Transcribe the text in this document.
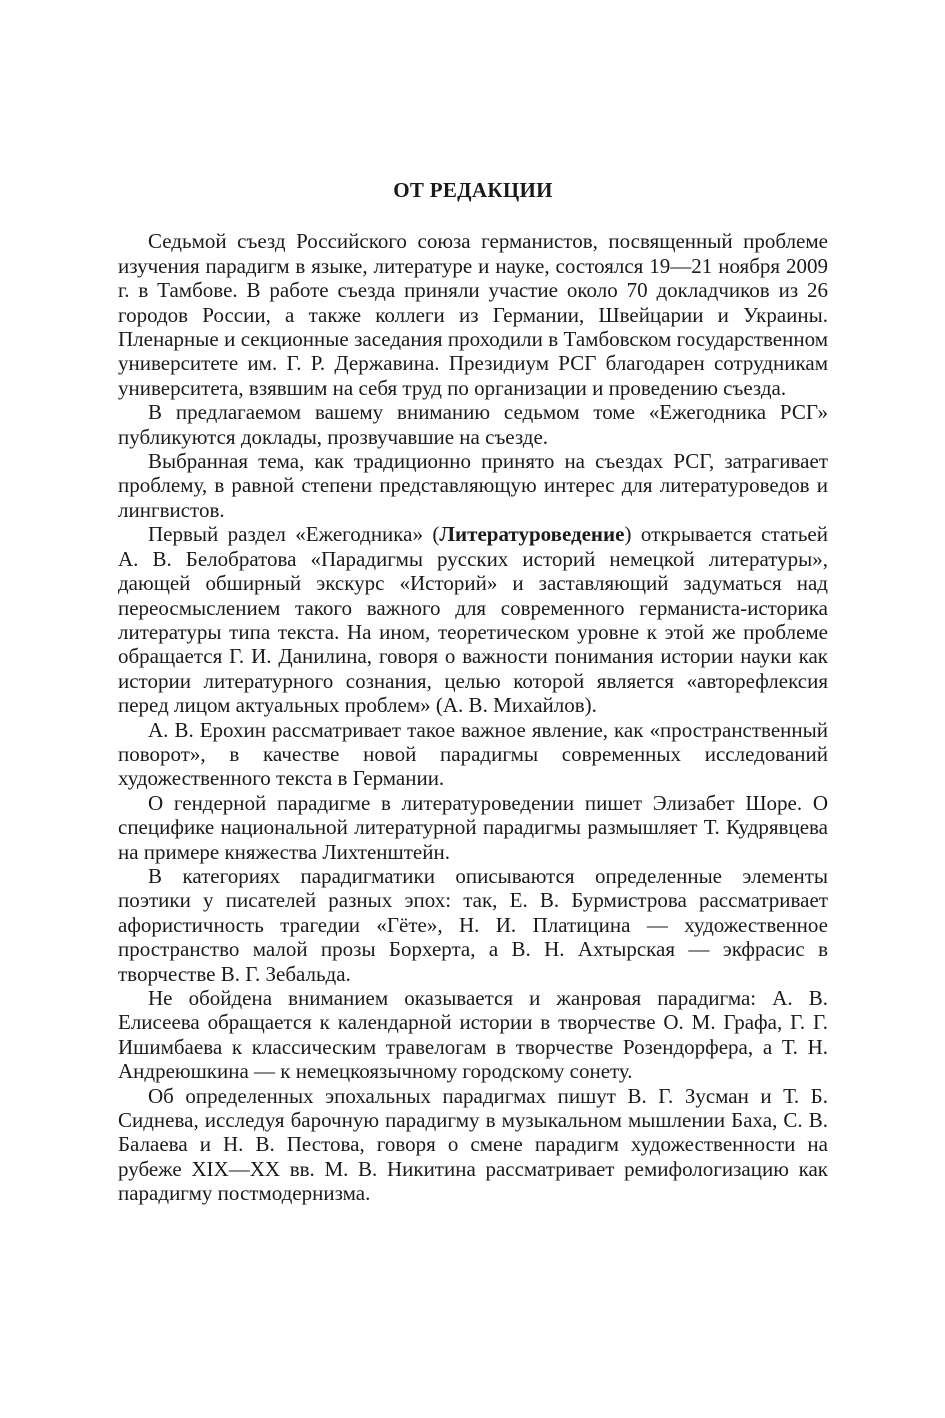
ОТ РЕДАКЦИИ

Седьмой съезд Российского союза германистов, посвященный проблеме изучения парадигм в языке, литературе и науке, состоялся 19—21 ноября 2009 г. в Тамбове. В работе съезда приняли участие около 70 докладчиков из 26 городов России, а также коллеги из Германии, Швейцарии и Украины. Пленарные и секционные заседания проходили в Тамбовском государственном университете им. Г. Р. Державина. Президиум РСГ благодарен сотрудникам университета, взявшим на себя труд по организации и проведению съезда.

В предлагаемом вашему вниманию седьмом томе «Ежегодника РСГ» публикуются доклады, прозвучавшие на съезде.

Выбранная тема, как традиционно принято на съездах РСГ, затрагивает проблему, в равной степени представляющую интерес для литературоведов и лингвистов.

Первый раздел «Ежегодника» (Литературоведение) открывается статьей А. В. Белобратова «Парадигмы русских историй немецкой литературы», дающей обширный экскурс «Историй» и заставляющий задуматься над переосмыслением такого важного для современного германиста-историка литературы типа текста. На ином, теоретическом уровне к этой же проблеме обращается Г. И. Данилина, говоря о важности понимания истории науки как истории литературного сознания, целью которой является «авторефлексия перед лицом актуальных проблем» (А. В. Михайлов).

А. В. Ерохин рассматривает такое важное явление, как «пространственный поворот», в качестве новой парадигмы современных исследований художественного текста в Германии.

О гендерной парадигме в литературоведении пишет Элизабет Шоре. О специфике национальной литературной парадигмы размышляет Т. Кудрявцева на примере княжества Лихтенштейн.

В категориях парадигматики описываются определенные элементы поэтики у писателей разных эпох: так, Е. В. Бурмистрова рассматривает афористичность трагедии «Гёте», Н. И. Платицина — художественное пространство малой прозы Борхерта, а В. Н. Ахтырская — экфрасис в творчестве В. Г. Зебальда.

Не обойдена вниманием оказывается и жанровая парадигма: А. В. Елисеева обращается к календарной истории в творчестве О. М. Графа, Г. Г. Ишимбаева к классическим травелогам в творчестве Розендорфера, а Т. Н. Андреюшкина — к немецкоязычному городскому сонету.

Об определенных эпохальных парадигмах пишут В. Г. Зусман и Т. Б. Сиднева, исследуя барочную парадигму в музыкальном мышлении Баха, С. В. Балаева и Н. В. Пестова, говоря о смене парадигм художественности на рубеже XIX—XX вв. М. В. Никитина рассматривает ремифологизацию как парадигму постмодернизма.
